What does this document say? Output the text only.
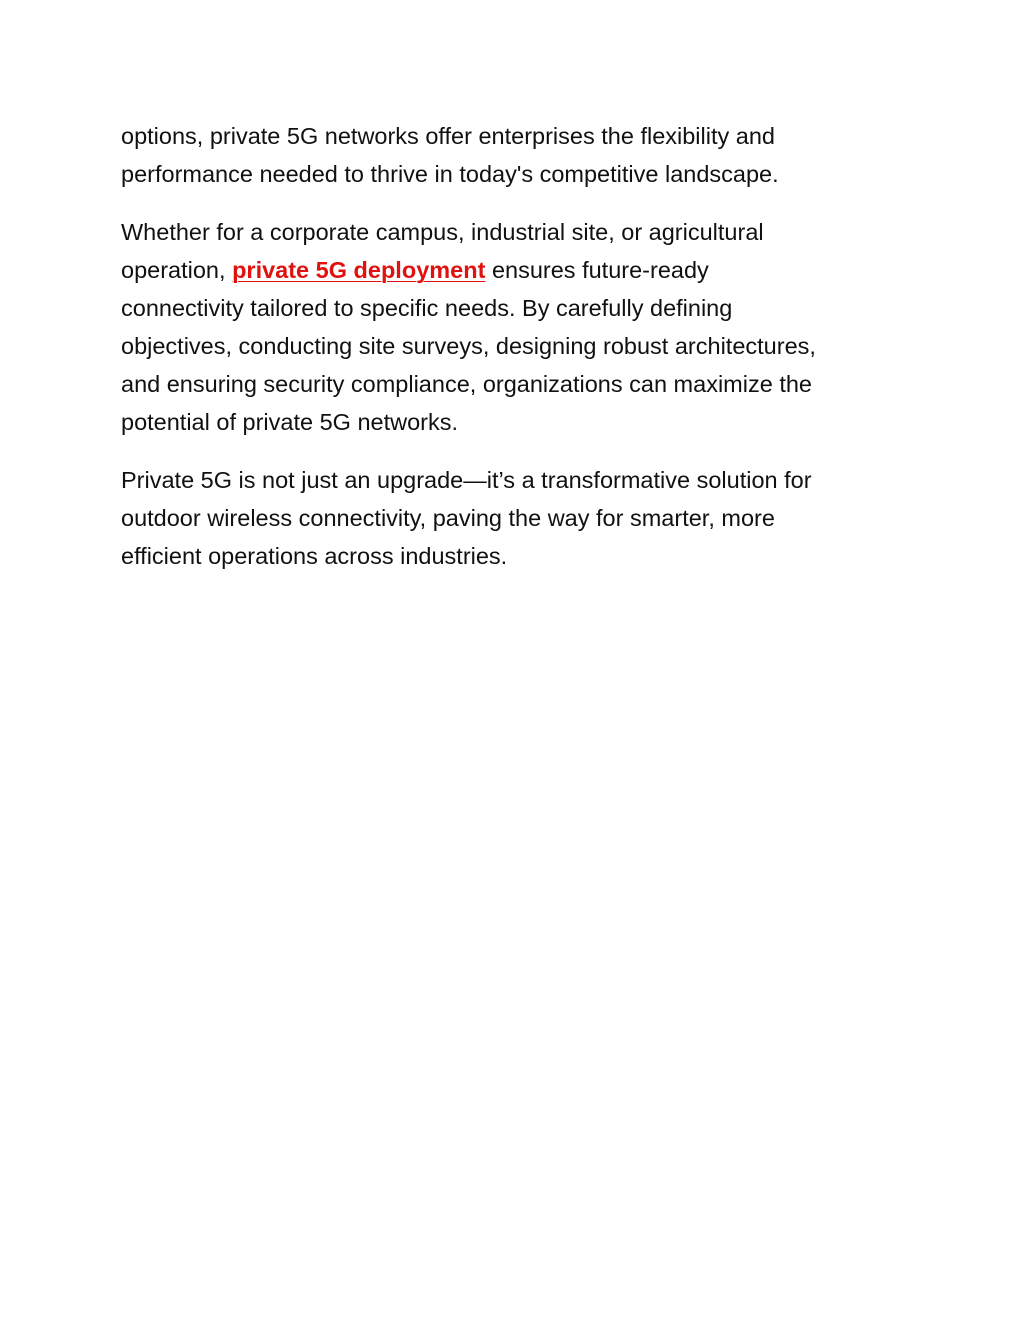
options, private 5G networks offer enterprises the flexibility and
performance needed to thrive in today's competitive landscape.

Whether for a corporate campus, industrial site, or agricultural
operation, private 5G deployment ensures future-ready
connectivity tailored to specific needs. By carefully defining
objectives, conducting site surveys, designing robust architectures,
and ensuring security compliance, organizations can maximize the
potential of private 5G networks.

Private 5G is not just an upgrade—it’s a transformative solution for
outdoor wireless connectivity, paving the way for smarter, more
efficient operations across industries.
